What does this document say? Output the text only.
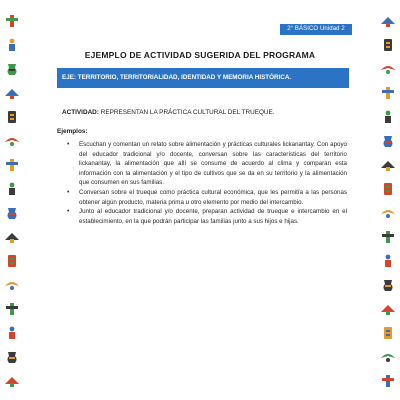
2° BÁSICO Unidad 2
EJEMPLO DE ACTIVIDAD SUGERIDA DEL PROGRAMA
EJE: TERRITORIO, TERRITORIALIDAD, IDENTIDAD Y MEMORIA HISTÓRICA.
ACTIVIDAD: REPRESENTAN LA PRÁCTICA CULTURAL DEL TRUEQUE.
Ejemplos:
• Escuchan y comentan un relato sobre alimentación y prácticas culturales lickanantay. Con apoyo del educador tradicional y/o docente, conversan sobre las características del territorio lickanantay, la alimentación que allí se consume de acuerdo al clima y comparan esta información con la alimentación y el tipo de cultivos que se da en su territorio y la alimentación que consumen en sus familias.
• Conversan sobre el trueque como práctica cultural económica, que les permitía a las personas obtener algún producto, materia prima u otro elemento por medio del intercambio.
• Junto al educador tradicional y/o docente, preparan actividad de trueque e intercambio en el establecimiento, en la que podrán participar las familias junto a sus hijos e hijas.
